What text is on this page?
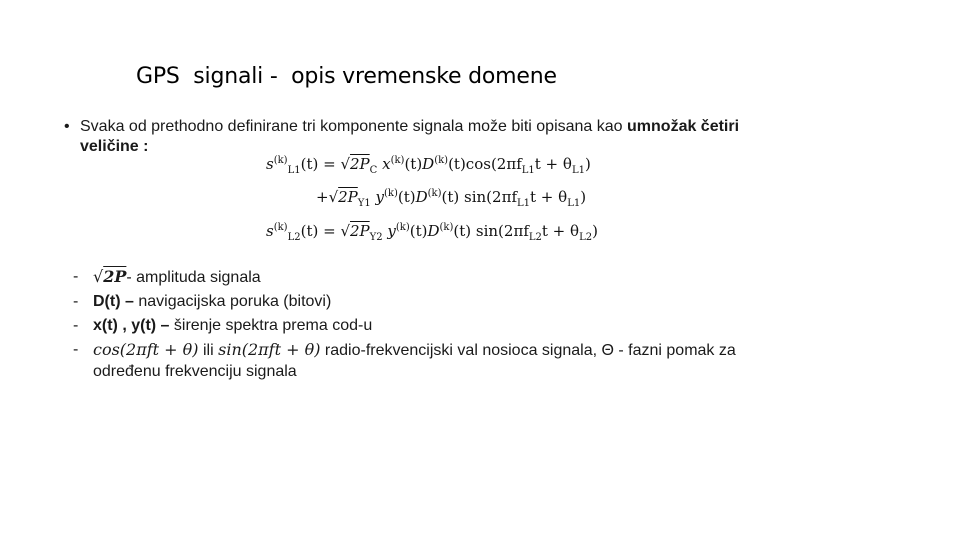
GPS  signali -  opis vremenske domene
• Svaka od prethodno definirane tri komponente signala može biti opisana kao umnožak četiri
veličine :
$s^{(k)}_{L1}(t) = √2P_C$ $x^{(k)}(t)D^{(k)}(t)\cos(2\pi f_{L1}t + \theta_{L1})$
$+√2P_{Y1}$ $y^{(k)}(t)D^{(k)}(t) \sin(2\pi f_{L1}t + \theta_{L1})$
$s^{(k)}_{L2}(t) = √2P_{Y2}$ $y^{(k)}(t)D^{(k)}(t) \sin(2\pi f_{L2}t + \theta_{L2})$
- √2P- amplituda signala
- D(t) – navigacijska poruka (bitovi)
- x(t) , y(t) – širenje spektra prema cod-u
- cos(2πft + θ) ili sin(2πft + θ) radio-frekvencijski val nosioca signala, Θ - fazni pomak za
određenu frekvenciju signala
